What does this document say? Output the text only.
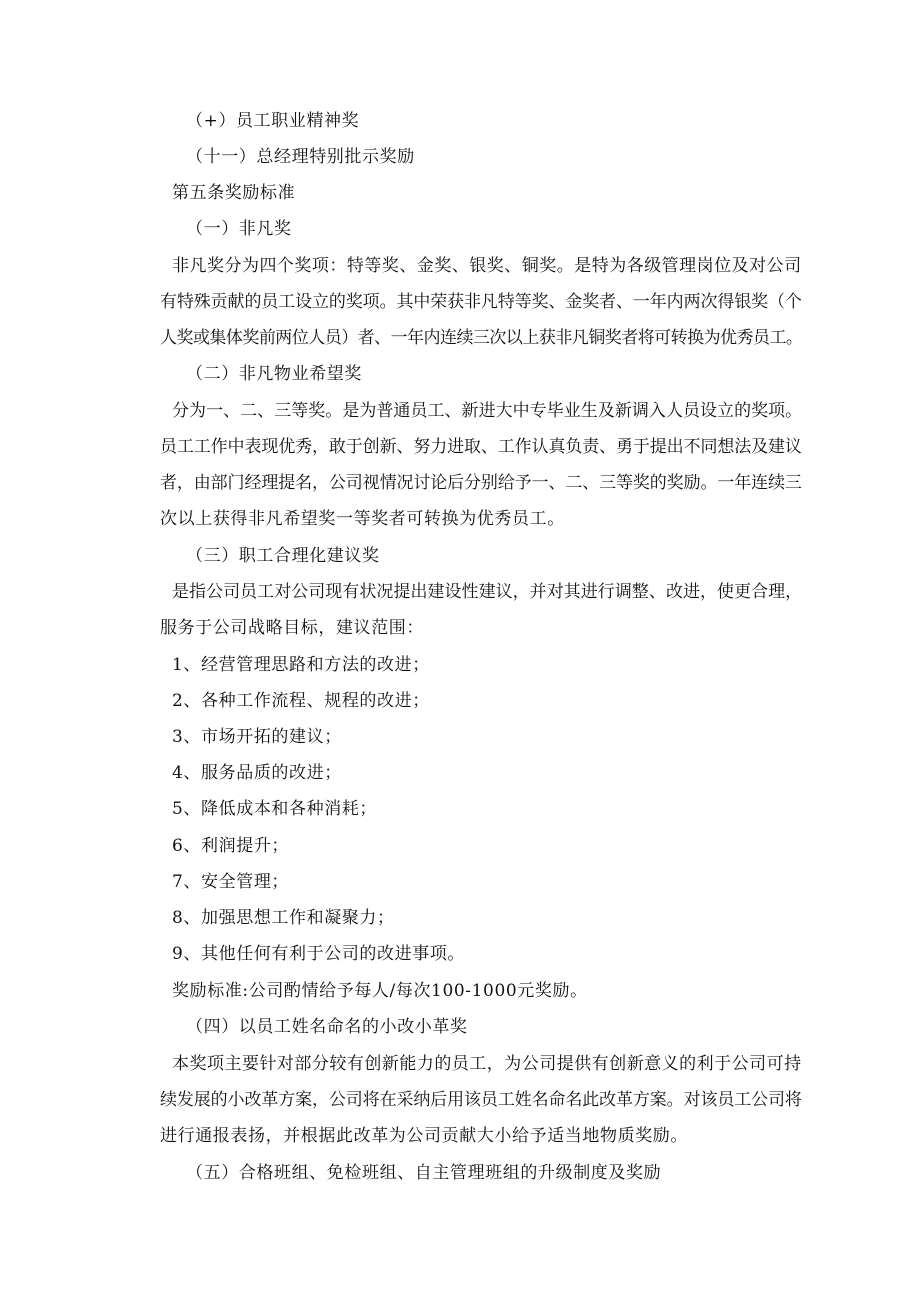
（+）员工职业精神奖
（十一）总经理特别批示奖励
第五条奖励标准
（一）非凡奖
非凡奖分为四个奖项：特等奖、金奖、银奖、铜奖。是特为各级管理岗位及对公司
有特殊贡献的员工设立的奖项。其中荣获非凡特等奖、金奖者、一年内两次得银奖（个
人奖或集体奖前两位人员）者、一年内连续三次以上获非凡铜奖者将可转换为优秀员工。
（二）非凡物业希望奖
分为一、二、三等奖。是为普通员工、新进大中专毕业生及新调入人员设立的奖项。
员工工作中表现优秀，敢于创新、努力进取、工作认真负责、勇于提出不同想法及建议
者，由部门经理提名，公司视情况讨论后分别给予一、二、三等奖的奖励。一年连续三
次以上获得非凡希望奖一等奖者可转换为优秀员工。
（三）职工合理化建议奖
是指公司员工对公司现有状况提出建设性建议，并对其进行调整、改进，使更合理，
服务于公司战略目标，建议范围：
1、经营管理思路和方法的改进；
2、各种工作流程、规程的改进；
3、市场开拓的建议；
4、服务品质的改进；
5、降低成本和各种消耗；
6、利润提升；
7、安全管理；
8、加强思想工作和凝聚力；
9、其他任何有利于公司的改进事项。
奖励标准:公司酌情给予每人/每次100-1000元奖励。
（四）以员工姓名命名的小改小革奖
本奖项主要针对部分较有创新能力的员工，为公司提供有创新意义的利于公司可持
续发展的小改革方案，公司将在采纳后用该员工姓名命名此改革方案。对该员工公司将
进行通报表扬，并根据此改革为公司贡献大小给予适当地物质奖励。
（五）合格班组、免检班组、自主管理班组的升级制度及奖励
